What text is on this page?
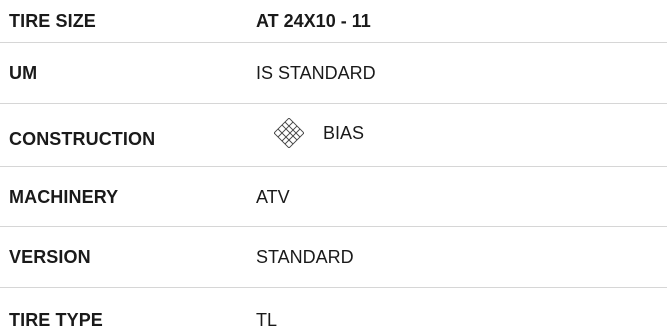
TIRE SIZE	AT 24X10 - 11
UM	IS STANDARD
CONSTRUCTION	BIAS
MACHINERY	ATV
VERSION	STANDARD
TIRE TYPE	TL
